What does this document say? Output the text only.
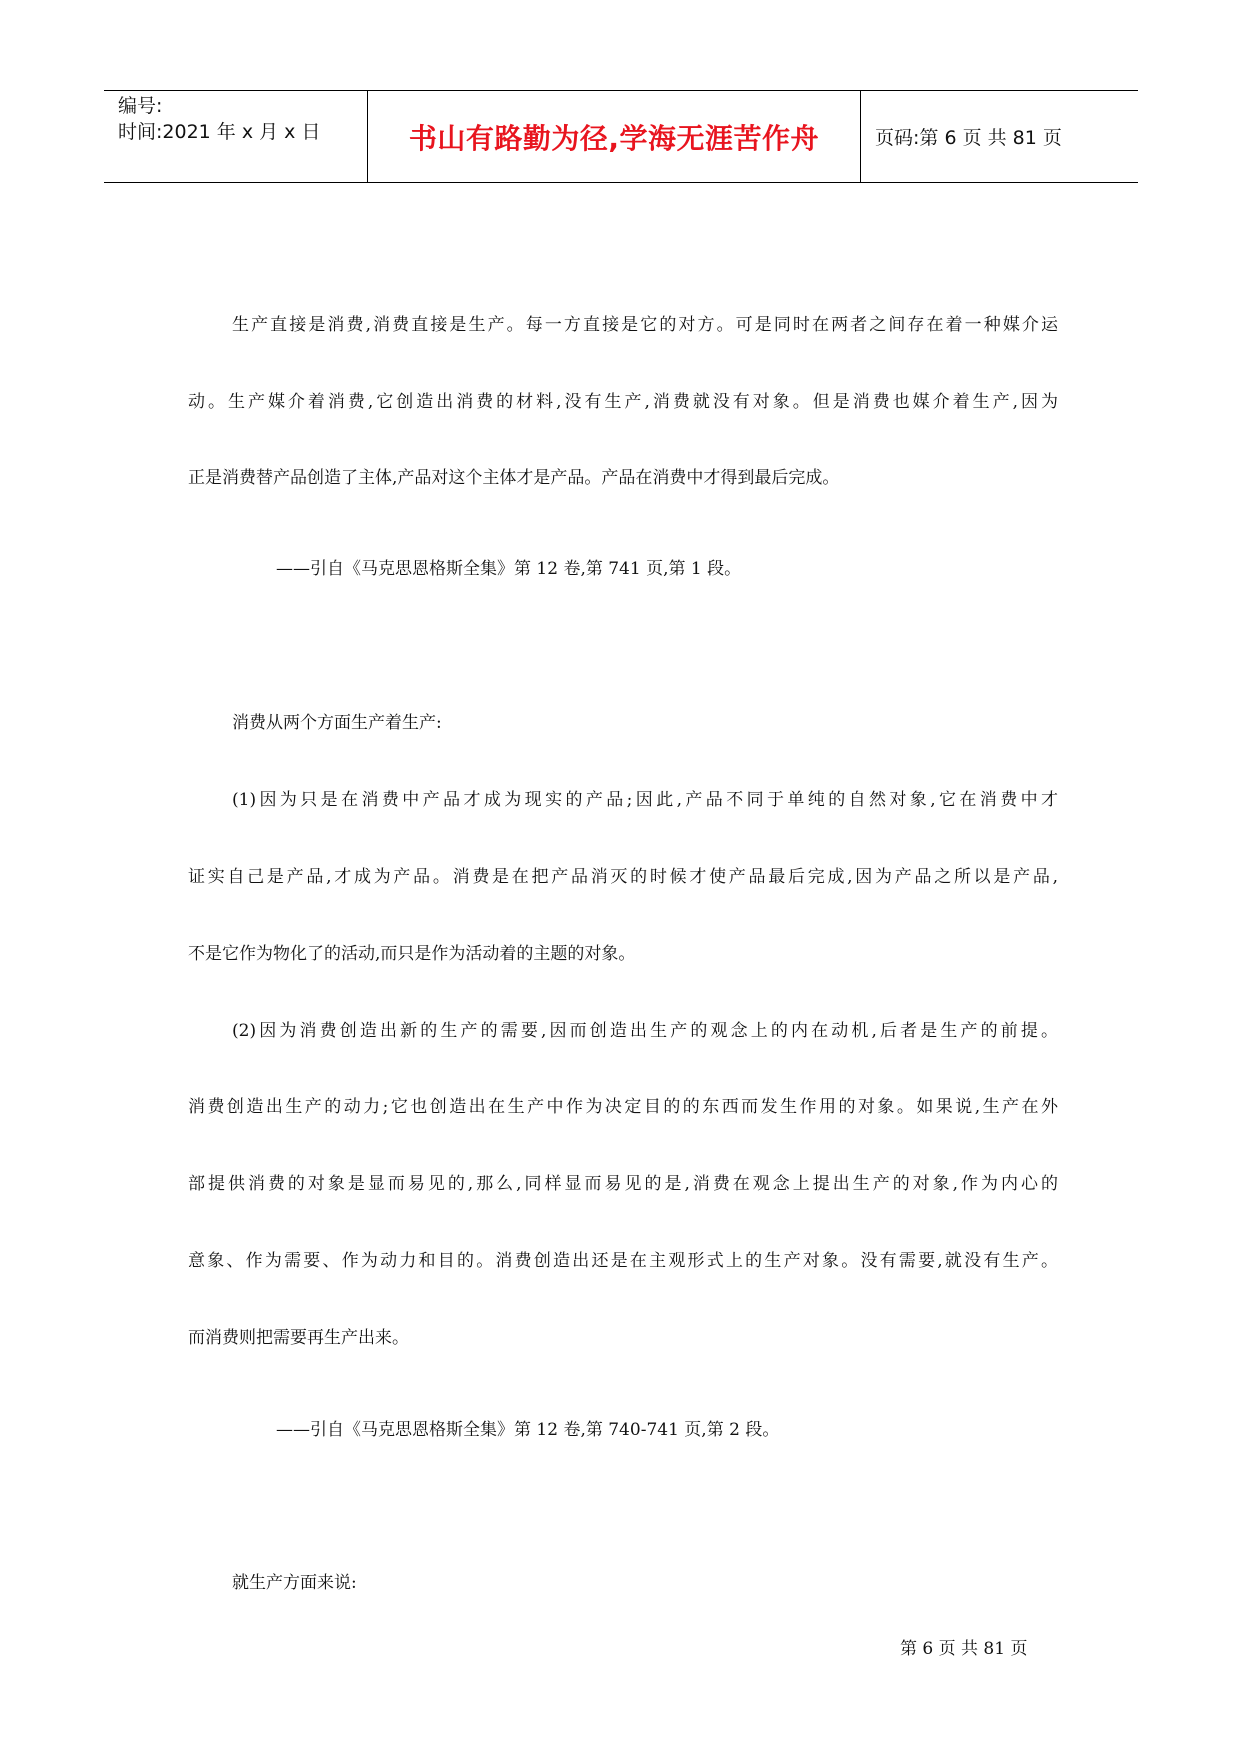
编号:
时间:2021 年 x 月 x 日	书山有路勤为径,学海无涯苦作舟	页码:第 6 页 共 81 页
生产直接是消费,消费直接是生产。每一方直接是它的对方。可是同时在两者之间存在着一种媒介运
动。生产媒介着消费,它创造出消费的材料,没有生产,消费就没有对象。但是消费也媒介着生产,因为
正是消费替产品创造了主体,产品对这个主体才是产品。产品在消费中才得到最后完成。
——引自《马克思恩格斯全集》第 12 卷,第 741 页,第 1 段。
消费从两个方面生产着生产:
(1)因为只是在消费中产品才成为现实的产品;因此,产品不同于单纯的自然对象,它在消费中才
证实自己是产品,才成为产品。消费是在把产品消灭的时候才使产品最后完成,因为产品之所以是产品,
不是它作为物化了的活动,而只是作为活动着的主题的对象。
(2)因为消费创造出新的生产的需要,因而创造出生产的观念上的内在动机,后者是生产的前提。
消费创造出生产的动力;它也创造出在生产中作为决定目的的东西而发生作用的对象。如果说,生产在外
部提供消费的对象是显而易见的,那么,同样显而易见的是,消费在观念上提出生产的对象,作为内心的
意象、作为需要、作为动力和目的。消费创造出还是在主观形式上的生产对象。没有需要,就没有生产。
而消费则把需要再生产出来。
——引自《马克思恩格斯全集》第 12 卷,第 740-741 页,第 2 段。
就生产方面来说:
第 6 页 共 81 页
